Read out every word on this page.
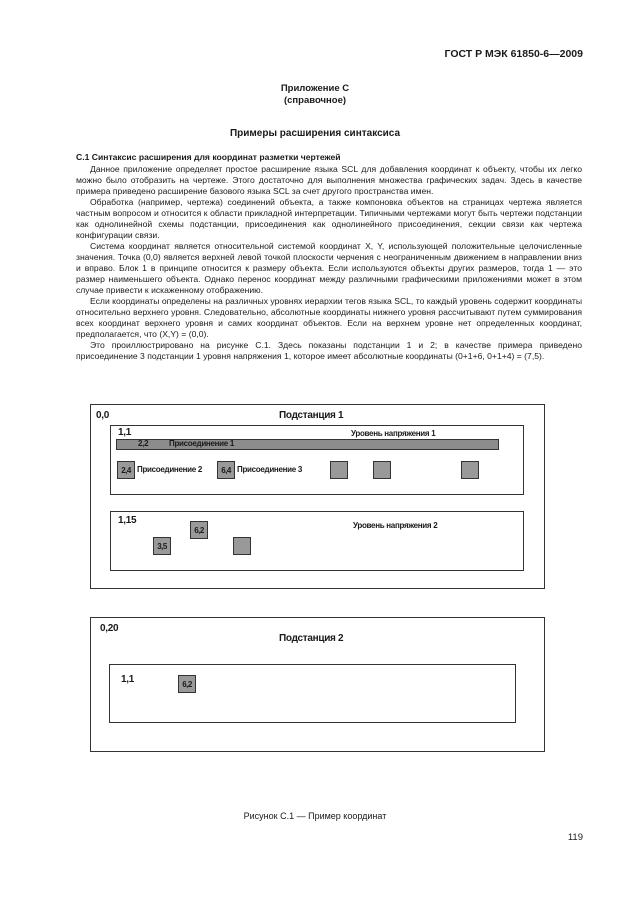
ГОСТ Р МЭК 61850-6—2009
Приложение С
(справочное)
Примеры расширения синтаксиса
С.1 Синтаксис расширения для координат разметки чертежей

Данное приложение определяет простое расширение языка SCL для добавления координат к объекту, чтобы их легко можно было отобразить на чертеже. Этого достаточно для выполнения множества графических задач. Здесь в качестве примера приведено расширение базового языка SCL за счет другого пространства имен.

Обработка (например, чертежа) соединений объекта, а также компоновка объектов на страницах чертежа является частным вопросом и относится к области прикладной интерпретации. Типичными чертежами могут быть чертежи подстанции как однолинейной схемы подстанции, присоединения как однолинейного присоединения, секции связи как чертежа конфигурации связи.

Система координат является относительной системой координат X, Y, использующей положительные целочисленные значения. Точка (0,0) является верхней левой точкой плоскости черчения с неограниченным движением в направлении вниз и вправо. Блок 1 в принципе относится к размеру объекта. Если используются объекты других размеров, тогда 1 — это размер наименьшего объекта. Однако перенос координат между различными графическими приложениями может в этом случае привести к искаженному отображению.

Если координаты определены на различных уровнях иерархии тегов языка SCL, то каждый уровень содержит координаты относительно верхнего уровня. Следовательно, абсолютные координаты нижнего уровня рассчитывают путем суммирования всех координат верхнего уровня и самих координат объектов. Если на верхнем уровне нет определенных координат, предполагается, что (X,Y) = (0,0).

Это проиллюстрировано на рисунке С.1. Здесь показаны подстанции 1 и 2; в качестве примера приведено присоединение 3 подстанции 1 уровня напряжения 1, которое имеет абсолютные координаты (0+1+6, 0+1+4) = (7,5).

0,0	Подстанция 1
1,1	Уровень напряжения 1
2,2	Присоединение 1
2,4 Присоединение 2	6,4 Присоединение 3
1,15	Уровень напряжения 2
6,2
3,5
0,20
Подстанция 2
1,1	6,2
Рисунок С.1 — Пример координат
119
